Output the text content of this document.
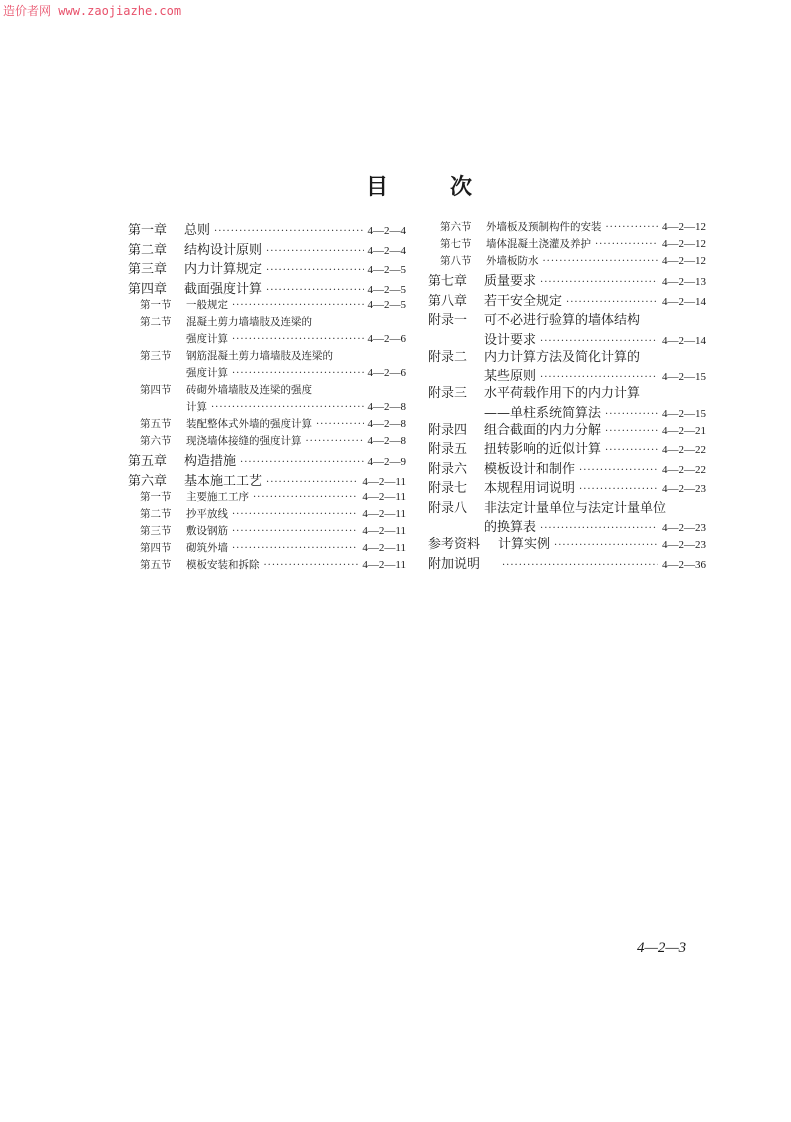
造价者网 www.zaojiazhe.com
目	次
第一章	总则 ·····	4—2—4
第二章	结构设计原则 ·····	4—2—4
第三章	内力计算规定 ·····	4—2—5
第四章	截面强度计算 ·····	4—2—5
第一节	一般规定 ·····	4—2—5
第二节	混凝土剪力墙墙肢及连梁的
强度计算 ·····	4—2—6
第三节	钢筋混凝土剪力墙墙肢及连梁的
强度计算 ·····	4—2—6
第四节	砖砌外墙墙肢及连梁的强度
计算 ·····	4—2—8
第五节	装配整体式外墙的强度计算 ·····	4—2—8
第六节	现浇墙体接缝的强度计算 ·····	4—2—8
第五章	构造措施 ·····	4—2—9
第六章	基本施工工艺 ·····	4—2—11
第一节	主要施工工序 ·····	4—2—11
第二节	抄平放线 ·····	4—2—11
第三节	敷设钢筋 ·····	4—2—11
第四节	砌筑外墙 ·····	4—2—11
第五节	模板安装和拆除 ·····	4—2—11
第六节	外墙板及预制构件的安装 ·····	4—2—12
第七节	墙体混凝土浇灌及养护 ·····	4—2—12
第八节	外墙板防水 ·····	4—2—12
第七章	质量要求 ·····	4—2—13
第八章	若干安全规定 ·····	4—2—14
附录一	可不必进行验算的墙体结构
设计要求 ·····	4—2—14
附录二	内力计算方法及简化计算的
某些原则 ·····	4—2—15
附录三	水平荷载作用下的内力计算
——单柱系统简算法 ·····	4—2—15
附录四	组合截面的内力分解 ·····	4—2—21
附录五	扭转影响的近似计算 ·····	4—2—22
附录六	模板设计和制作 ·····	4—2—22
附录七	本规程用词说明 ·····	4—2—23
附录八	非法定计量单位与法定计量单位
的换算表 ·····	4—2—23
参考资料	计算实例 ·····	4—2—23
附加说明 ·····	4—2—36
4—2—3
